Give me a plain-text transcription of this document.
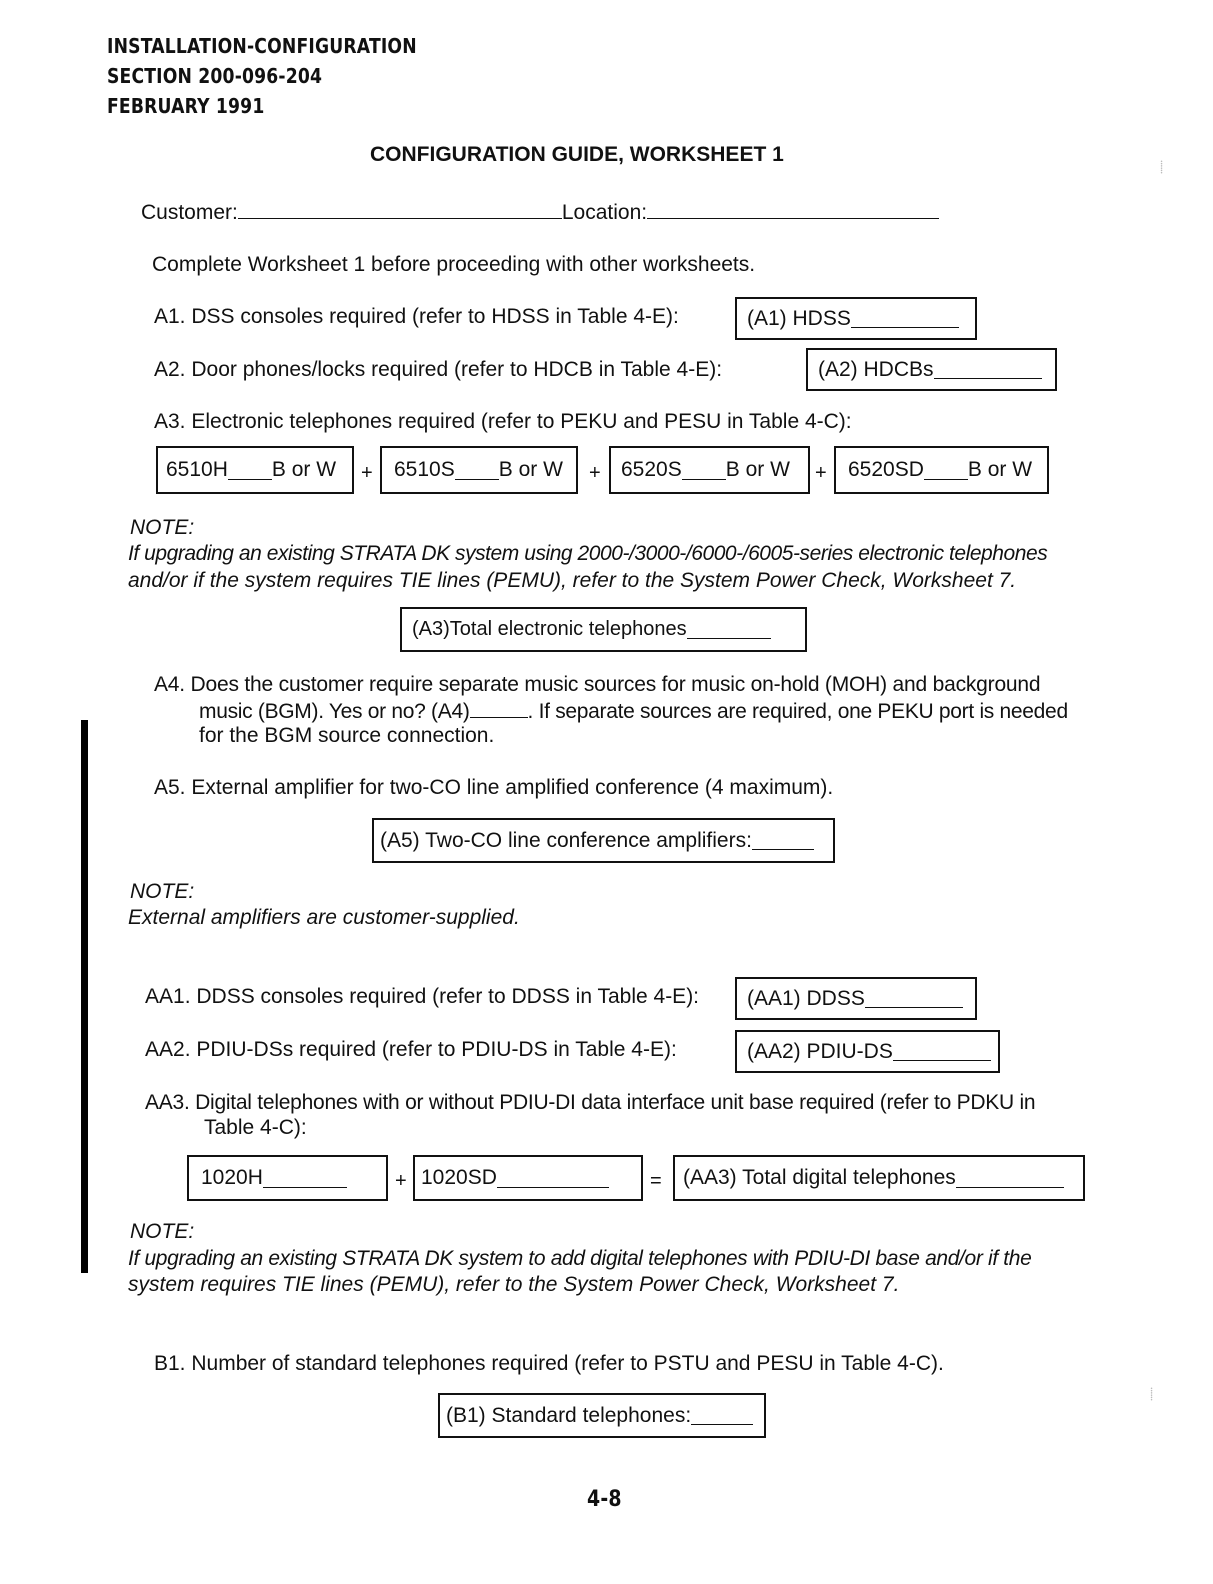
INSTALLATION-CONFIGURATION
SECTION 200-096-204
FEBRUARY 1991
CONFIGURATION GUIDE, WORKSHEET 1
Customer:	Location:
Complete Worksheet 1 before proceeding with other worksheets.
A1. DSS consoles required (refer to HDSS in Table 4-E):	(A1) HDSS
A2. Door phones/locks required (refer to HDCB in Table 4-E):	(A2) HDCBs
A3. Electronic telephones required (refer to PEKU and PESU in Table 4-C):
6510H B or W + 6510S B or W + 6520S B or W + 6520SD B or W
NOTE:
If upgrading an existing STRATA DK system using 2000-/3000-/6000-/6005-series electronic telephones
and/or if the system requires TIE lines (PEMU), refer to the System Power Check, Worksheet 7.
(A3)Total electronic telephones
A4. Does the customer require separate music sources for music on-hold (MOH) and background
music (BGM). Yes or no? (A4)	. If separate sources are required, one PEKU port is needed
for the BGM source connection.
A5. External amplifier for two-CO line amplified conference (4 maximum).
(A5) Two-CO line conference amplifiers:
NOTE:
External amplifiers are customer-supplied.
AA1. DDSS consoles required (refer to DDSS in Table 4-E): (AA1) DDSS
AA2. PDIU-DSs required (refer to PDIU-DS in Table 4-E):	(AA2) PDIU-DS
AA3. Digital telephones with or without PDIU-DI data interface unit base required (refer to PDKU in
Table 4-C):
1020H	+ 1020SD	= (AA3) Total digital telephones
NOTE:
If upgrading an existing STRATA DK system to add digital telephones with PDIU-DI base and/or if the
system requires TIE lines (PEMU), refer to the System Power Check, Worksheet 7.
B1. Number of standard telephones required (refer to PSTU and PESU in Table 4-C).
(B1) Standard telephones:
4-8
⸽
⸽
